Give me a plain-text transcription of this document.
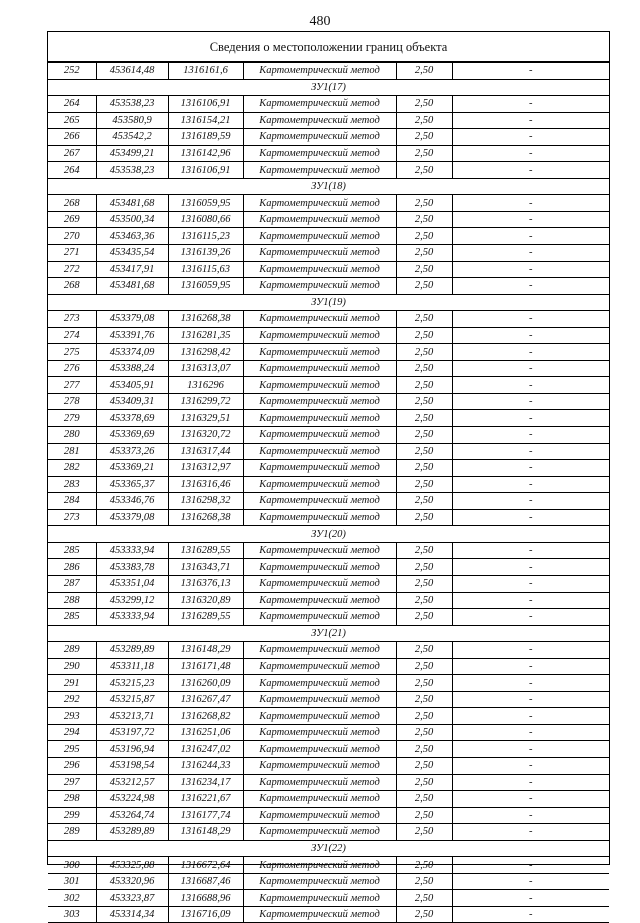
480
Сведения о местоположении границ объекта
252	453614,48	1316161,6	Картометрический метод	2,50	-
ЗУ1(17)					
264	453538,23	1316106,91	Картометрический метод	2,50	-
265	453580,9	1316154,21	Картометрический метод	2,50	-
266	453542,2	1316189,59	Картометрический метод	2,50	-
267	453499,21	1316142,96	Картометрический метод	2,50	-
264	453538,23	1316106,91	Картометрический метод	2,50	-
ЗУ1(18)					
268	453481,68	1316059,95	Картометрический метод	2,50	-
269	453500,34	1316080,66	Картометрический метод	2,50	-
270	453463,36	1316115,23	Картометрический метод	2,50	-
271	453435,54	1316139,26	Картометрический метод	2,50	-
272	453417,91	1316115,63	Картометрический метод	2,50	-
268	453481,68	1316059,95	Картометрический метод	2,50	-
ЗУ1(19)					
273	453379,08	1316268,38	Картометрический метод	2,50	-
274	453391,76	1316281,35	Картометрический метод	2,50	-
275	453374,09	1316298,42	Картометрический метод	2,50	-
276	453388,24	1316313,07	Картометрический метод	2,50	-
277	453405,91	1316296	Картометрический метод	2,50	-
278	453409,31	1316299,72	Картометрический метод	2,50	-
279	453378,69	1316329,51	Картометрический метод	2,50	-
280	453369,69	1316320,72	Картометрический метод	2,50	-
281	453373,26	1316317,44	Картометрический метод	2,50	-
282	453369,21	1316312,97	Картометрический метод	2,50	-
283	453365,37	1316316,46	Картометрический метод	2,50	-
284	453346,76	1316298,32	Картометрический метод	2,50	-
273	453379,08	1316268,38	Картометрический метод	2,50	-
ЗУ1(20)					
285	453333,94	1316289,55	Картометрический метод	2,50	-
286	453383,78	1316343,71	Картометрический метод	2,50	-
287	453351,04	1316376,13	Картометрический метод	2,50	-
288	453299,12	1316320,89	Картометрический метод	2,50	-
285	453333,94	1316289,55	Картометрический метод	2,50	-
ЗУ1(21)					
289	453289,89	1316148,29	Картометрический метод	2,50	-
290	453311,18	1316171,48	Картометрический метод	2,50	-
291	453215,23	1316260,09	Картометрический метод	2,50	-
292	453215,87	1316267,47	Картометрический метод	2,50	-
293	453213,71	1316268,82	Картометрический метод	2,50	-
294	453197,72	1316251,06	Картометрический метод	2,50	-
295	453196,94	1316247,02	Картометрический метод	2,50	-
296	453198,54	1316244,33	Картометрический метод	2,50	-
297	453212,57	1316234,17	Картометрический метод	2,50	-
298	453224,98	1316221,67	Картометрический метод	2,50	-
299	453264,74	1316177,74	Картометрический метод	2,50	-
289	453289,89	1316148,29	Картометрический метод	2,50	-
ЗУ1(22)					
300	453325,88	1316672,64	Картометрический метод	2,50	-
301	453320,96	1316687,46	Картометрический метод	2,50	-
302	453323,87	1316688,96	Картометрический метод	2,50	-
303	453314,34	1316716,09	Картометрический метод	2,50	-
